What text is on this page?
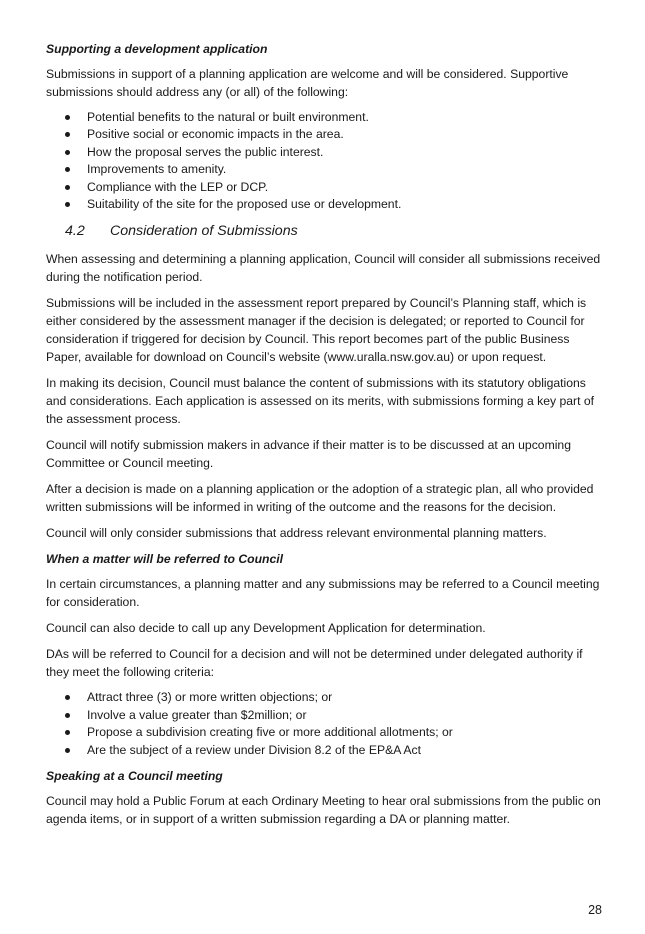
Supporting a development application

Submissions in support of a planning application are welcome and will be considered. Supportive submissions should address any (or all) of the following:

Potential benefits to the natural or built environment.
Positive social or economic impacts in the area.
How the proposal serves the public interest.
Improvements to amenity.
Compliance with the LEP or DCP.
Suitability of the site for the proposed use or development.
4.2 Consideration of Submissions

When assessing and determining a planning application, Council will consider all submissions received during the notification period.

Submissions will be included in the assessment report prepared by Council’s Planning staff, which is either considered by the assessment manager if the decision is delegated; or reported to Council for consideration if triggered for decision by Council. This report becomes part of the public Business Paper, available for download on Council’s website (www.uralla.nsw.gov.au) or upon request.

In making its decision, Council must balance the content of submissions with its statutory obligations and considerations. Each application is assessed on its merits, with submissions forming a key part of the assessment process.

Council will notify submission makers in advance if their matter is to be discussed at an upcoming Committee or Council meeting.

After a decision is made on a planning application or the adoption of a strategic plan, all who provided written submissions will be informed in writing of the outcome and the reasons for the decision.

Council will only consider submissions that address relevant environmental planning matters.

When a matter will be referred to Council

In certain circumstances, a planning matter and any submissions may be referred to a Council meeting for consideration.

Council can also decide to call up any Development Application for determination.

DAs will be referred to Council for a decision and will not be determined under delegated authority if they meet the following criteria:

Attract three (3) or more written objections; or
Involve a value greater than $2million; or
Propose a subdivision creating five or more additional allotments; or
Are the subject of a review under Division 8.2 of the EP&A Act
Speaking at a Council meeting

Council may hold a Public Forum at each Ordinary Meeting to hear oral submissions from the public on agenda items, or in support of a written submission regarding a DA or planning matter.

28
